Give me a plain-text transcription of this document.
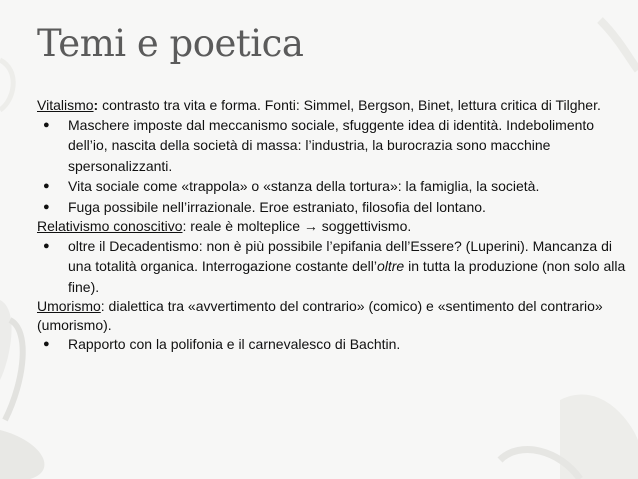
Temi e poetica

Vitalismo: contrasto tra vita e forma. Fonti: Simmel, Bergson, Binet, lettura critica di Tilgher.

● Maschere imposte dal meccanismo sociale, sfuggente idea di identità. Indebolimento dell’io, nascita della società di massa: l’industria, la burocrazia sono macchine spersonalizzanti.
● Vita sociale come «trappola» o «stanza della tortura»: la famiglia, la società.
● Fuga possibile nell’irrazionale. Eroe estraniato, filosofia del lontano.

Relativismo conoscitivo: reale è molteplice → soggettivismo.

● oltre il Decadentismo: non è più possibile l’epifania dell’Essere? (Luperini). Mancanza di una totalità organica. Interrogazione costante dell’oltre in tutta la produzione (non solo alla fine).

Umorismo: dialettica tra «avvertimento del contrario» (comico) e «sentimento del contrario» (umorismo).

● Rapporto con la polifonia e il carnevalesco di Bachtin.
